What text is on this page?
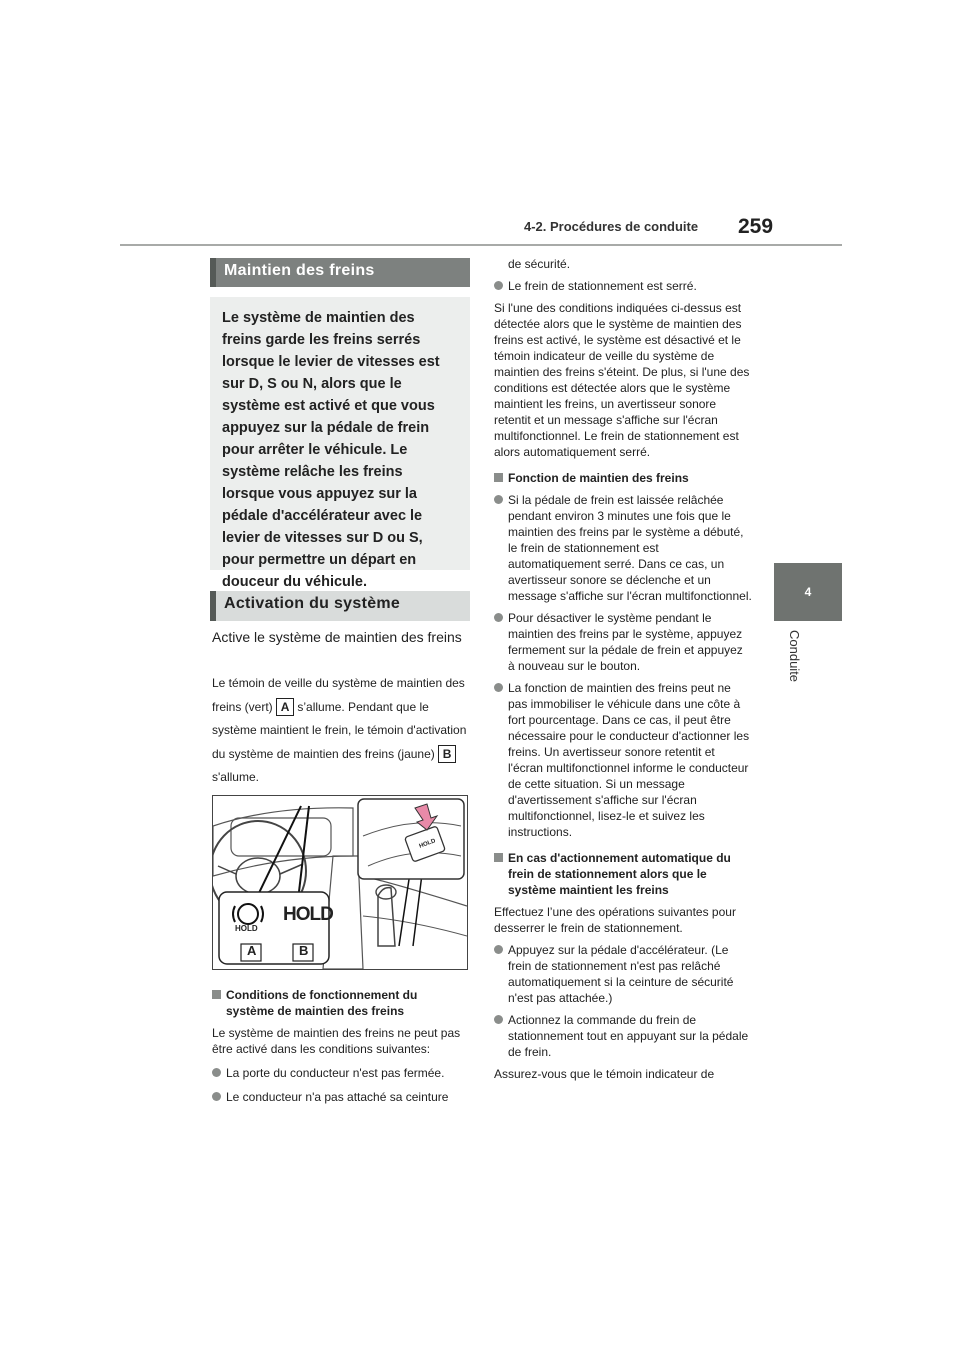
4-2. Procédures de conduite 259
4
Conduite
Maintien des freins

Le système de maintien des freins garde les freins serrés lorsque le levier de vitesses est sur D, S ou N, alors que le système est activé et que vous appuyez sur la pédale de frein pour arrêter le véhicule. Le système relâche les freins lorsque vous appuyez sur la pédale d'accélérateur avec le levier de vitesses sur D ou S, pour permettre un départ en douceur du véhicule.

Activation du système
Active le système de maintien des freins
Le témoin de veille du système de maintien des freins (vert) A s’allume. Pendant que le système maintient le frein, le témoin d'activation du système de maintien des freins (jaune) B s'allume.
HOLD
HOLD
A	B
HOLD
Conditions de fonctionnement du système de maintien des freins

Le système de maintien des freins ne peut pas être activé dans les conditions suivantes:

La porte du conducteur n'est pas fermée.
Le conducteur n'a pas attaché sa ceinture

de sécurité.

Le frein de stationnement est serré.

Si l'une des conditions indiquées ci-dessus est détectée alors que le système de maintien des freins est activé, le système est désactivé et le témoin indicateur de veille du système de maintien des freins s'éteint. De plus, si l'une des conditions est détectée alors que le système maintient les freins, un avertisseur sonore retentit et un message s'affiche sur l'écran multifonctionnel. Le frein de stationnement est alors automatiquement serré.

Fonction de maintien des freins
Si la pédale de frein est laissée relâchée pendant environ 3 minutes une fois que le maintien des freins par le système a débuté, le frein de stationnement est automatiquement serré. Dans ce cas, un avertisseur sonore se déclenche et un message s'affiche sur l'écran multifonctionnel.
Pour désactiver le système pendant le maintien des freins par le système, appuyez fermement sur la pédale de frein et appuyez à nouveau sur le bouton.
La fonction de maintien des freins peut ne pas immobiliser le véhicule dans une côte à fort pourcentage. Dans ce cas, il peut être nécessaire pour le conducteur d'actionner les freins. Un avertisseur sonore retentit et l'écran multifonctionnel informe le conducteur de cette situation. Si un message d'avertissement s'affiche sur l'écran multifonctionnel, lisez-le et suivez les instructions.
En cas d'actionnement automatique du frein de stationnement alors que le système maintient les freins

Effectuez l’une des opérations suivantes pour desserrer le frein de stationnement.

Appuyez sur la pédale d'accélérateur. (Le frein de stationnement n'est pas relâché automatiquement si la ceinture de sécurité n'est pas attachée.)
Actionnez la commande du frein de stationnement tout en appuyant sur la pédale de frein.

Assurez-vous que le témoin indicateur de
